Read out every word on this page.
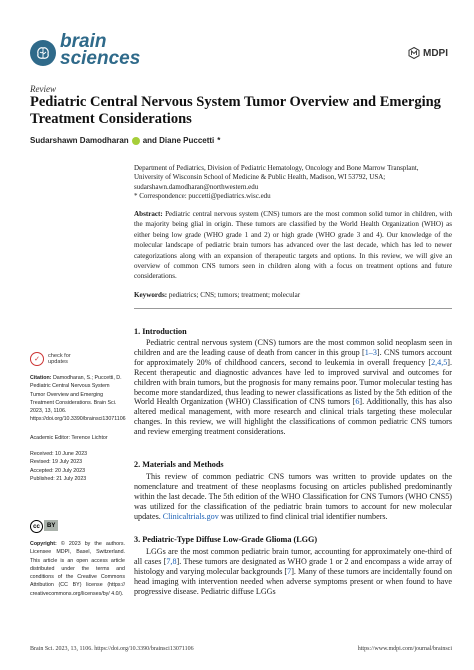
brain
sciences	MDPI
Review
Pediatric Central Nervous System Tumor Overview and Emerging Treatment Considerations
Sudarshawn Damodharan and Diane Puccetti *
Department of Pediatrics, Division of Pediatric Hematology, Oncology and Bone Marrow Transplant,
University of Wisconsin School of Medicine & Public Health, Madison, WI 53792, USA;
sudarshawn.damodharan@northwestern.edu
* Correspondence: puccetti@pediatrics.wisc.edu
Abstract: Pediatric central nervous system (CNS) tumors are the most common solid tumor in children, with the majority being glial in origin. These tumors are classified by the World Health Organization (WHO) as either being low grade (WHO grade 1 and 2) or high grade (WHO grade 3 and 4). Our knowledge of the molecular landscape of pediatric brain tumors has advanced over the last decade, which has led to newer categorizations along with an expansion of therapeutic targets and options. In this review, we will give an overview of common CNS tumors seen in children along with a focus on treatment options and future considerations.
Keywords: pediatrics; CNS; tumors; treatment; molecular
✓	check for updates
Citation: Damodharan, S.; Puccetti, D. Pediatric Central Nervous System Tumor Overview and Emerging Treatment Considerations. Brain Sci. 2023, 13, 1106. https://doi.org/10.3390/brainsci13071106
Academic Editor: Terence Lichtor
Received: 10 June 2023
Revised: 19 July 2023
Accepted: 20 July 2023
Published: 21 July 2023
cc	BY
Copyright: © 2023 by the authors. Licensee MDPI, Basel, Switzerland. This article is an open access article distributed under the terms and conditions of the Creative Commons Attribution (CC BY) license (https:// creativecommons.org/licenses/by/ 4.0/).
1. Introduction
Pediatric central nervous system (CNS) tumors are the most common solid neoplasm seen in children and are the leading cause of death from cancer in this group [1–3]. CNS tumors account for approximately 20% of childhood cancers, second to leukemia in overall frequency [2,4,5]. Recent therapeutic and diagnostic advances have led to improved survival and outcomes for children with brain tumors, but the prognosis for many remains poor. Tumor molecular testing has become more standardized, thus leading to newer classifications as listed by the 5th edition of the World Health Organization (WHO) Classification of CNS tumors [6]. Additionally, this has also altered medical management, with more research and clinical trials targeting these molecular changes. In this review, we will highlight the classifications of common pediatric CNS tumors and review emerging treatment considerations.
2. Materials and Methods
This review of common pediatric CNS tumors was written to provide updates on the nomenclature and treatment of these neoplasms focusing on articles published predominantly within the last decade. The 5th edition of the WHO Classification for CNS Tumors (WHO CNS5) was utilized for the classification of the pediatric brain tumors to account for new molecular updates. Clinicaltrials.gov was utilized to find clinical trial identifier numbers.
3. Pediatric-Type Diffuse Low-Grade Glioma (LGG)
LGGs are the most common pediatric brain tumor, accounting for approximately one-third of all cases [7,8]. These tumors are designated as WHO grade 1 or 2 and encompass a wide array of histology and varying molecular backgrounds [7]. Many of these tumors are incidentally found on head imaging with intervention needed when adverse symptoms present or when found to have progressive disease. Pediatric diffuse LGGs
Brain Sci. 2023, 13, 1106. https://doi.org/10.3390/brainsci13071106	https://www.mdpi.com/journal/brainsci
